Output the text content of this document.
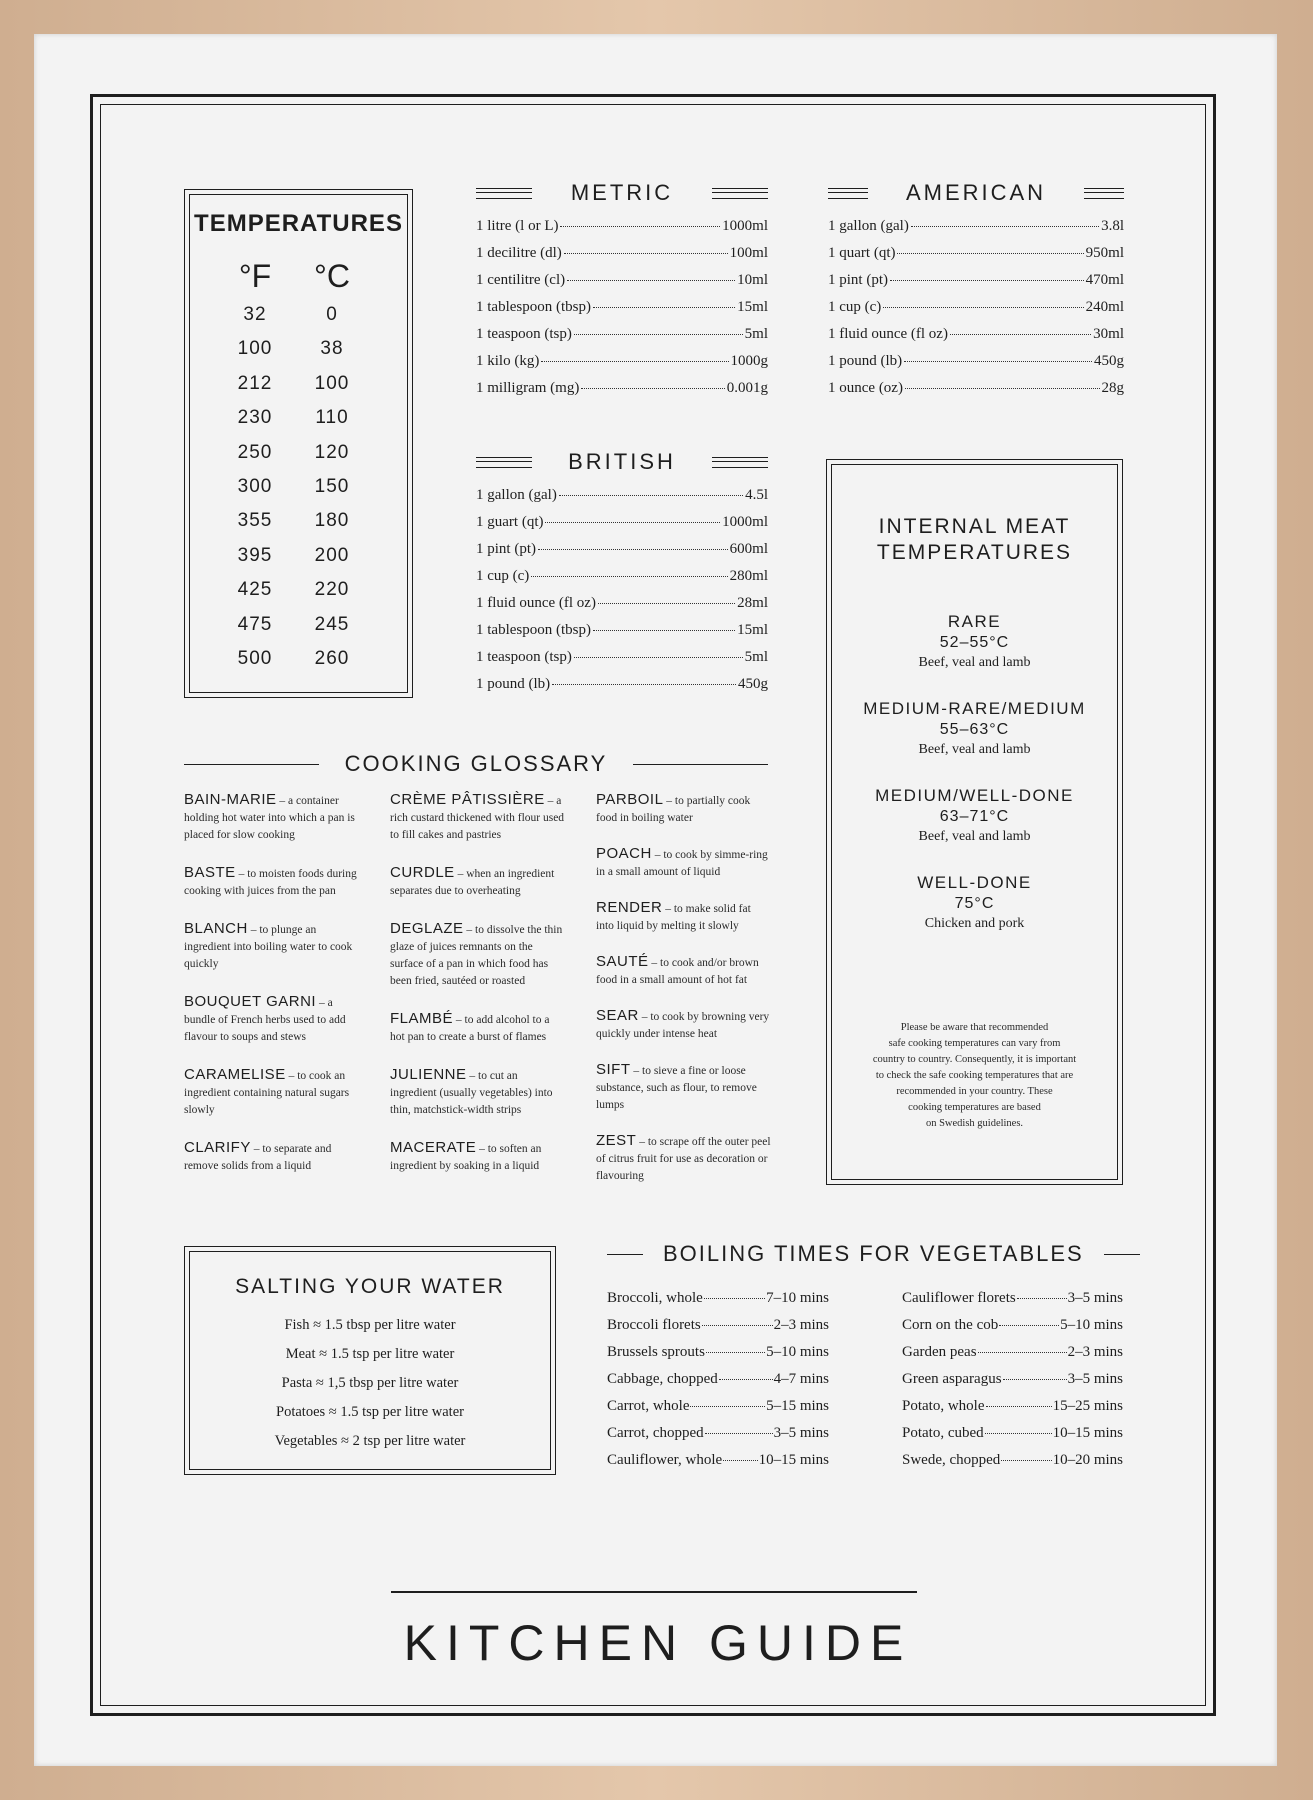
TEMPERATURES
°F	°C
32	0
100	38
212	100
230	110
250	120
300	150
355	180
395	200
425	220
475	245
500	260
METRIC
1 litre (l or L)	1000ml
1 decilitre (dl)	100ml
1 centilitre (cl)	10ml
1 tablespoon (tbsp)	15ml
1 teaspoon (tsp)	5ml
1 kilo (kg)	1000g
1 milligram (mg)	0.001g
AMERICAN
1 gallon (gal)	3.8l
1 quart (qt)	950ml
1 pint (pt)	470ml
1 cup (c)	240ml
1 fluid ounce (fl oz)	30ml
1 pound (lb)	450g
1 ounce (oz)	28g
BRITISH
1 gallon (gal)	4.5l
1 guart (qt)	1000ml
1 pint (pt)	600ml
1 cup (c)	280ml
1 fluid ounce (fl oz)	28ml
1 tablespoon (tbsp)	15ml
1 teaspoon (tsp)	5ml
1 pound (lb)	450g
INTERNAL MEAT
TEMPERATURES
RARE
52–55°C
Beef, veal and lamb
MEDIUM-RARE/MEDIUM
55–63°C
Beef, veal and lamb
MEDIUM/WELL-DONE
63–71°C
Beef, veal and lamb
WELL-DONE
75°C
Chicken and pork
Please be aware that recommended
safe cooking temperatures can vary from
country to country. Consequently, it is important
to check the safe cooking temperatures that are
recommended in your country. These
cooking temperatures are based
on Swedish guidelines.
COOKING GLOSSARY
BAIN-MARIE – a container holding hot water into which a pan is placed for slow cooking
BASTE – to moisten foods during cooking with juices from the pan
BLANCH – to plunge an ingredient into boiling water to cook quickly
BOUQUET GARNI – a bundle of French herbs used to add flavour to soups and stews
CARAMELISE – to cook an ingredient containing natural sugars slowly
CLARIFY – to separate and remove solids from a liquid
CRÈME PÂTISSIÈRE – a rich custard thickened with flour used to fill cakes and pastries
CURDLE – when an ingredient separates due to overheating
DEGLAZE – to dissolve the thin glaze of juices remnants on the surface of a pan in which food has been fried, sautéed or roasted
FLAMBÉ – to add alcohol to a hot pan to create a burst of flames
JULIENNE – to cut an ingredient (usually vegetables) into thin, matchstick-width strips
MACERATE – to soften an ingredient by soaking in a liquid
PARBOIL – to partially cook food in boiling water
POACH – to cook by simme-ring in a small amount of liquid
RENDER – to make solid fat into liquid by melting it slowly
SAUTÉ – to cook and/or brown food in a small amount of hot fat
SEAR – to cook by browning very quickly under intense heat
SIFT – to sieve a fine or loose substance, such as flour, to remove lumps
ZEST – to scrape off the outer peel of citrus fruit for use as decoration or flavouring
SALTING YOUR WATER
Fish ≈ 1.5 tbsp per litre water
Meat ≈ 1.5 tsp per litre water
Pasta ≈ 1,5 tbsp per litre water
Potatoes ≈ 1.5 tsp per litre water
Vegetables ≈ 2 tsp per litre water
BOILING TIMES FOR VEGETABLES
Broccoli, whole	7–10 mins
Broccoli florets	2–3 mins
Brussels sprouts	5–10 mins
Cabbage, chopped	4–7 mins
Carrot, whole	5–15 mins
Carrot, chopped	3–5 mins
Cauliflower, whole 10–15 mins
Cauliflower florets	3–5 mins
Corn on the cob	5–10 mins
Garden peas	2–3 mins
Green asparagus	3–5 mins
Potato, whole	15–25 mins
Potato, cubed	10–15 mins
Swede, chopped	10–20 mins
KITCHEN GUIDE
